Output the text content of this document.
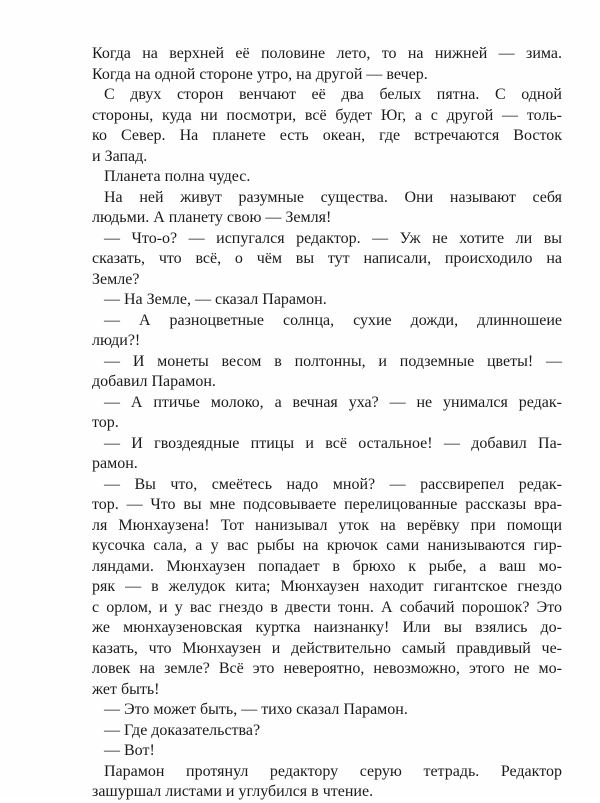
Когда на верхней её половине лето, то на нижней — зима.
Когда на одной стороне утро, на другой — вечер.
С двух сторон венчают её два белых пятна. С одной
стороны, куда ни посмотри, всё будет Юг, а с другой — толь-
ко Север. На планете есть океан, где встречаются Восток
и Запад.
Планета полна чудес.
На ней живут разумные существа. Они называют себя
людьми. А планету свою — Земля!
— Что-о? — испугался редактор. — Уж не хотите ли вы
сказать, что всё, о чём вы тут написали, происходило на
Земле?
— На Земле, — сказал Парамон.
— А разноцветные солнца, сухие дожди, длинношеие
люди?!
— И монеты весом в полтонны, и подземные цветы! —
добавил Парамон.
— А птичье молоко, а вечная уха? — не унимался редак-
тор.
— И гвоздеядные птицы и всё остальное! — добавил Па-
рамон.
— Вы что, смеётесь надо мной? — рассвирепел редак-
тор. — Что вы мне подсовываете перелицованные рассказы вра-
ля Мюнхаузена! Тот нанизывал уток на верёвку при помощи
кусочка сала, а у вас рыбы на крючок сами нанизываются гир-
ляндами. Мюнхаузен попадает в брюхо к рыбе, а ваш мо-
ряк — в желудок кита; Мюнхаузен находит гигантское гнездо
с орлом, и у вас гнездо в двести тонн. А собачий порошок? Это
же мюнхаузеновская куртка наизнанку! Или вы взялись до-
казать, что Мюнхаузен и действительно самый правдивый че-
ловек на земле? Всё это невероятно, невозможно, этого не мо-
жет быть!
— Это может быть, — тихо сказал Парамон.
— Где доказательства?
— Вот!
Парамон протянул редактору серую тетрадь. Редактор
зашуршал листами и углубился в чтение.
